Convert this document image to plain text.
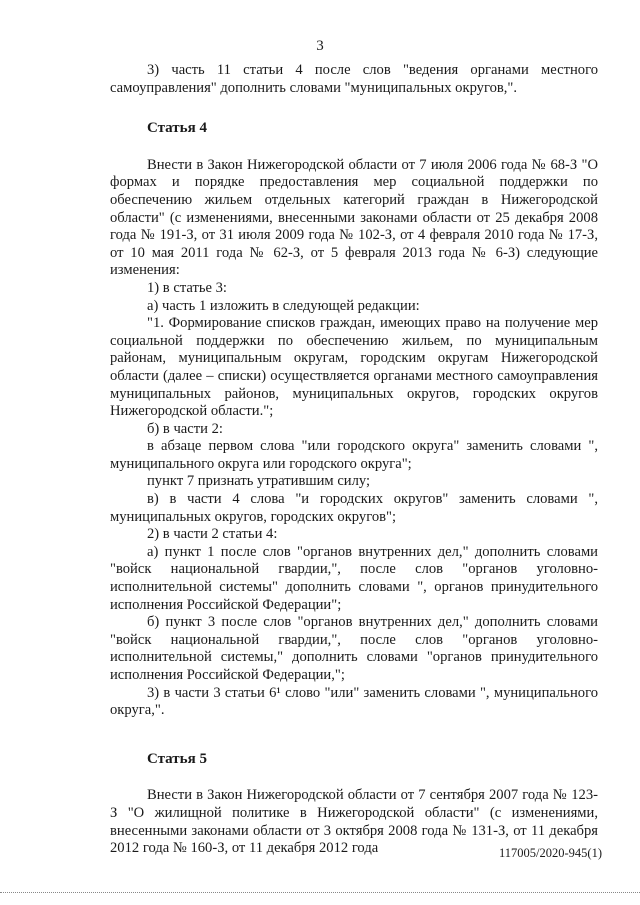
3
3) часть 11 статьи 4 после слов "ведения органами местного самоуправления" дополнить словами "муниципальных округов,".
Статья 4
Внести в Закон Нижегородской области от 7 июля 2006 года № 68-З "О формах и порядке предоставления мер социальной поддержки по обеспечению жильем отдельных категорий граждан в Нижегородской области" (с изменениями, внесенными законами области от 25 декабря 2008 года № 191-З, от 31 июля 2009 года № 102-З, от 4 февраля 2010 года № 17-З, от 10 мая 2011 года № 62-З, от 5 февраля 2013 года № 6-З) следующие изменения:
1) в статье 3:
а) часть 1 изложить в следующей редакции:
"1. Формирование списков граждан, имеющих право на получение мер социальной поддержки по обеспечению жильем, по муниципальным районам, муниципальным округам, городским округам Нижегородской области (далее – списки) осуществляется органами местного самоуправления муниципальных районов, муниципальных округов, городских округов Нижегородской области.";
б) в части 2:
в абзаце первом слова "или городского округа" заменить словами ", муниципального округа или городского округа";
пункт 7 признать утратившим силу;
в) в части 4 слова "и городских округов" заменить словами ", муниципальных округов, городских округов";
2) в части 2 статьи 4:
а) пункт 1 после слов "органов внутренних дел," дополнить словами "войск национальной гвардии,", после слов "органов уголовно-исполнительной системы" дополнить словами ", органов принудительного исполнения Российской Федерации";
б) пункт 3 после слов "органов внутренних дел," дополнить словами "войск национальной гвардии,", после слов "органов уголовно-исполнительной системы," дополнить словами "органов принудительного исполнения Российской Федерации,";
3) в части 3 статьи 6¹ слово "или" заменить словами ", муниципального округа,".
Статья 5
Внести в Закон Нижегородской области от 7 сентября 2007 года № 123-З "О жилищной политике в Нижегородской области" (с изменениями, внесенными законами области от 3 октября 2008 года № 131-З, от 11 декабря 2012 года № 160-З, от 11 декабря 2012 года	117005/2020-945(1)
